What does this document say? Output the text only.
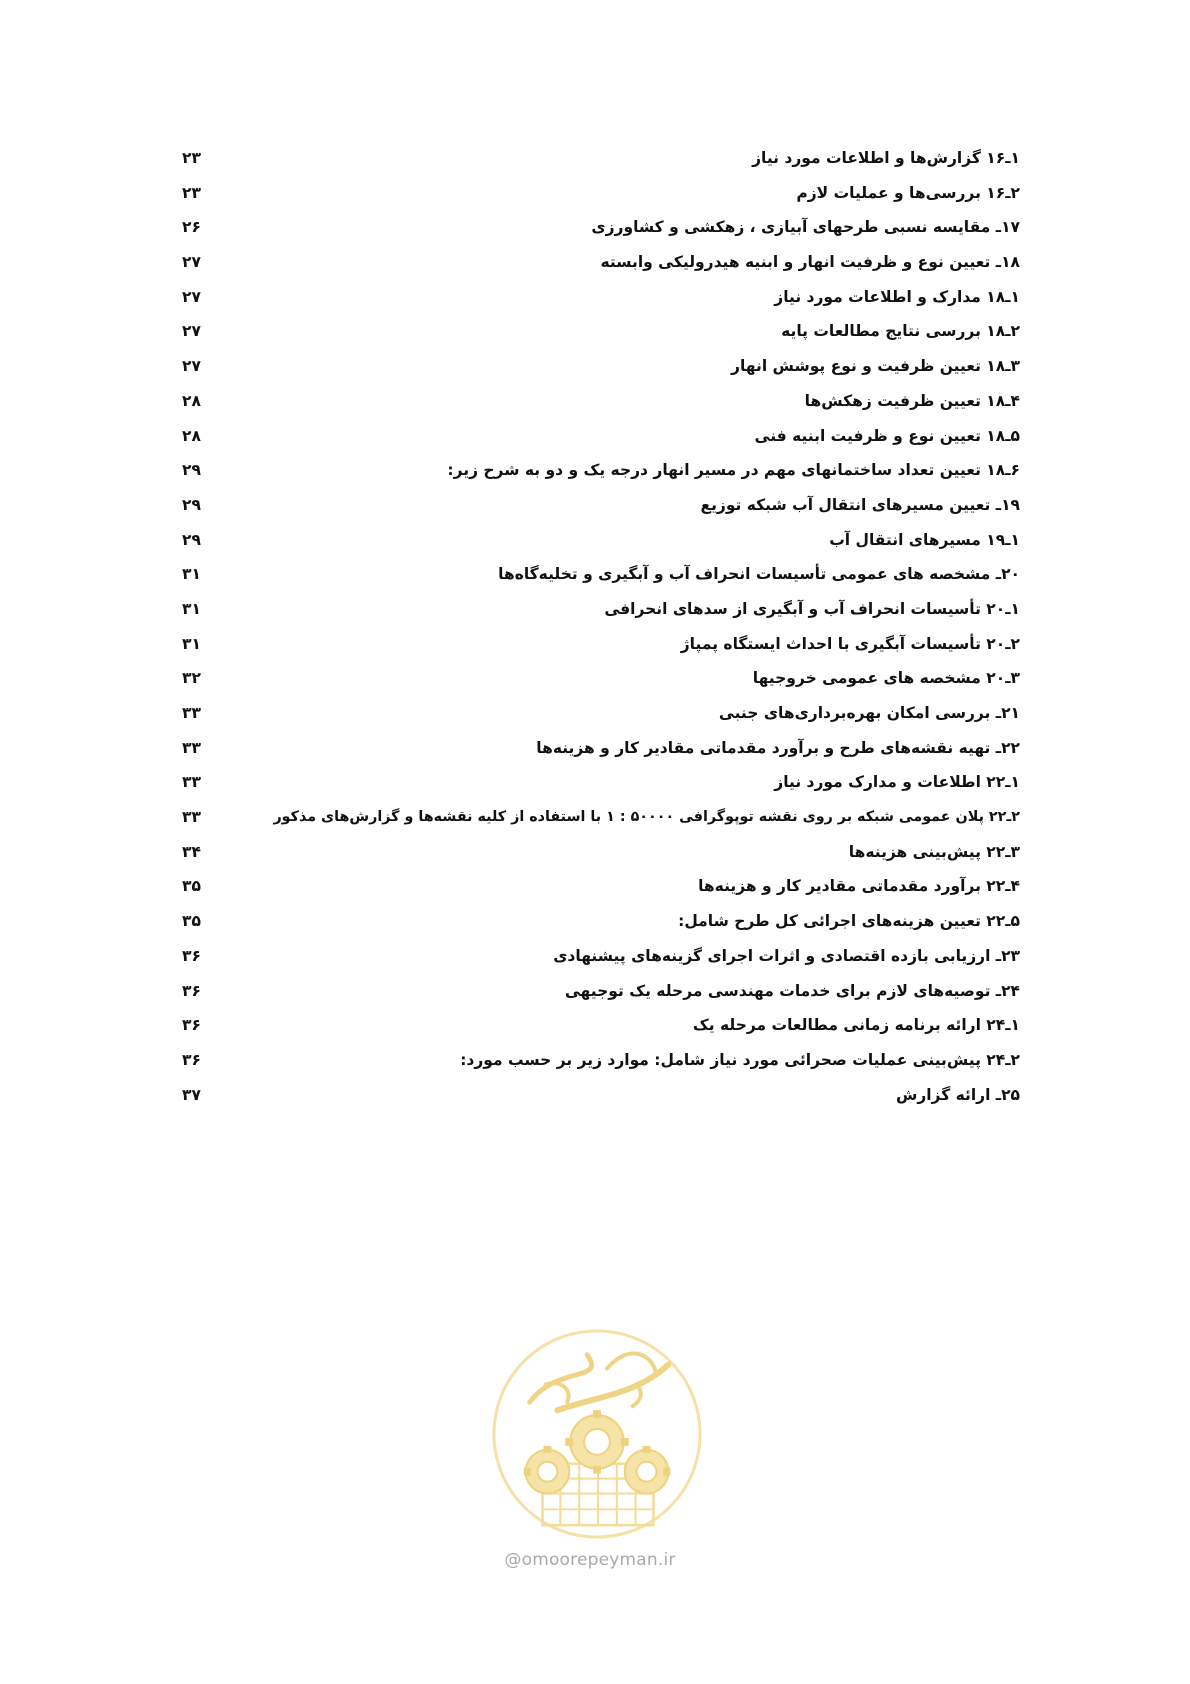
۱ـ۱۶ گزارش‌ها و اطلاعات مورد نیاز
۲۳
۲ـ۱۶ بررسی‌ها و عملیات لازم
۲۳
۱۷ـ مقایسه نسبی طرحهای آبیازی ، زهکشی و کشاورزی
۲۶
۱۸ـ تعیین نوع و ظرفیت انهار و ابنیه هیدرولیکی وابسته
۲۷
۱ـ۱۸ مدارک و اطلاعات مورد نیاز
۲۷
۲ـ۱۸ بررسی نتایج مطالعات پایه
۲۷
۳ـ۱۸ تعیین ظرفیت و نوع پوشش انهار
۲۷
۴ـ۱۸ تعیین ظرفیت زهکش‌ها
۲۸
۵ـ۱۸ تعیین نوع و ظرفیت ابنیه فنی
۲۸
۶ـ۱۸ تعیین تعداد ساختمانهای مهم در مسیر انهار درجه یک و دو به شرح زیر:
۲۹
۱۹ـ تعیین مسیرهای انتقال آب شبکه توزیع
۲۹
۱ـ۱۹ مسیرهای انتقال آب
۲۹
۲۰ـ مشخصه های عمومی تأسیسات انحراف آب و آبگیری و تخلیه‌گاه‌ها
۳۱
۱ـ۲۰ تأسیسات انحراف آب و آبگیری از سدهای انحرافی
۳۱
۲ـ۲۰ تأسیسات آبگیری با احداث ایستگاه پمپاژ
۳۱
۳ـ۲۰ مشخصه های عمومی خروجیها
۳۲
۲۱ـ بررسی امکان بهره‌برداری‌های جنبی
۳۳
۲۲ـ تهیه نقشه‌های طرح و برآورد مقدماتی مقادیر کار و هزینه‌ها
۳۳
۱ـ۲۲ اطلاعات و مدارک مورد نیاز
۳۳
۲ـ۲۲ پلان عمومی شبکه بر روی نقشه توپوگرافی ۵۰۰۰۰ : ۱ با استفاده از کلیه نقشه‌ها و گزارش‌های مذکور
۳۳
۳ـ۲۲ پیش‌بینی هزینه‌ها
۳۴
۴ـ۲۲ برآورد مقدماتی مقادیر کار و هزینه‌ها
۳۵
۵ـ۲۲ تعیین هزینه‌های اجرائی کل طرح شامل:
۳۵
۲۳ـ ارزیابی بازده اقتصادی و اثرات اجرای گزینه‌های پیشنهادی
۳۶
۲۴ـ توصیه‌های لازم برای خدمات مهندسی مرحله یک توجیهی
۳۶
۱ـ۲۴ ارائه برنامه زمانی مطالعات مرحله یک
۳۶
۲ـ۲۴ پیش‌بینی عملیات صحرائی مورد نیاز شامل: موارد زیر بر حسب مورد:
۳۶
۲۵ـ ارائه گزارش
۳۷
@omoorepeyman.ir
